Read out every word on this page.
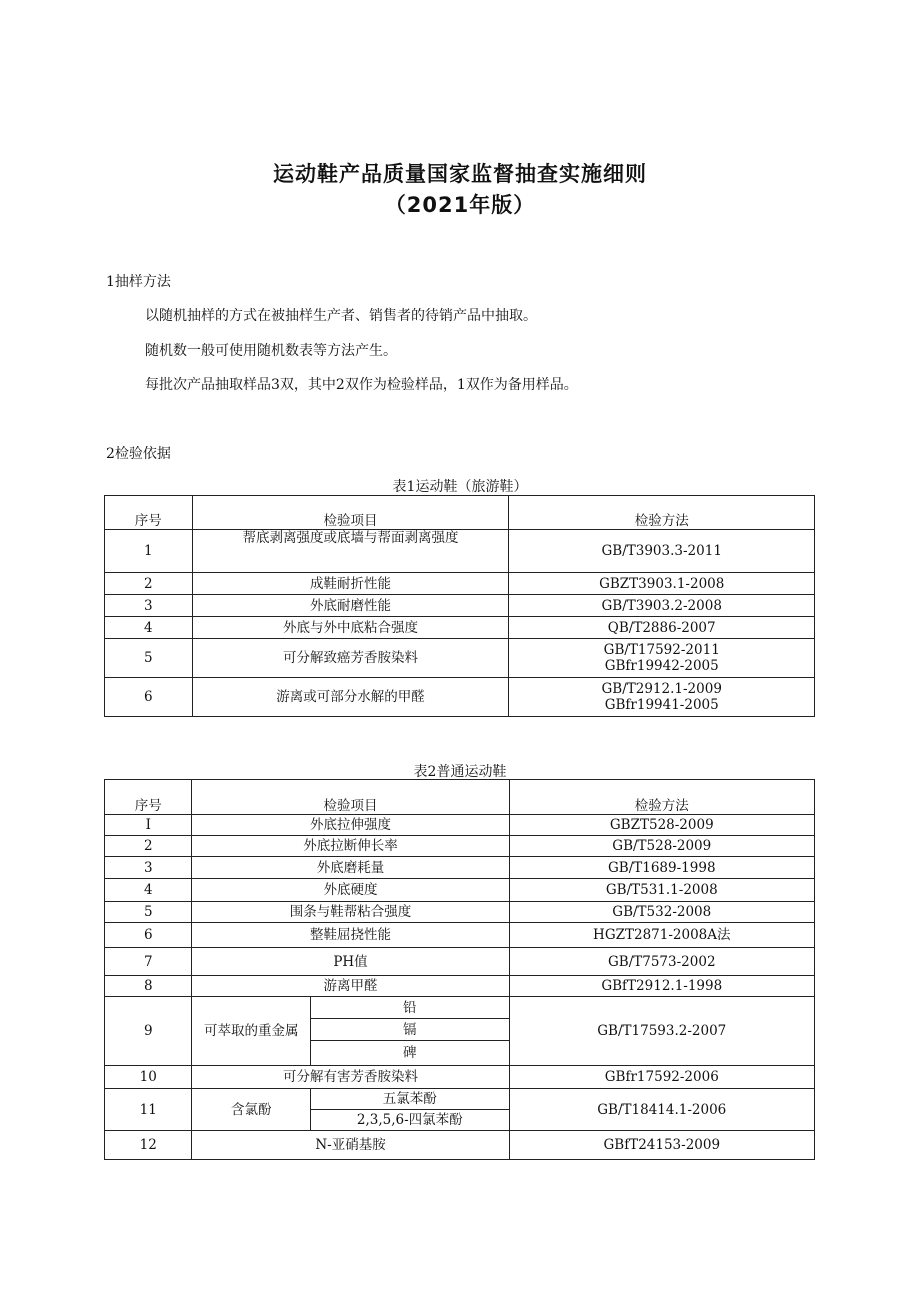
运动鞋产品质量国家监督抽查实施细则
（2021年版）
1抽样方法
以随机抽样的方式在被抽样生产者、销售者的待销产品中抽取。
随机数一般可使用随机数表等方法产生。
每批次产品抽取样品3双，其中2双作为检验样品，1双作为备用样品。
2检验依据
表1运动鞋（旅游鞋）
序号	检验项目	检验方法
1	帮底剥离强度或底墙与帮面剥离强度	GB/T3903.3-2011
2	成鞋耐折性能	GBZT3903.1-2008
3	外底耐磨性能	GB/T3903.2-2008
4	外底与外中底粘合强度	QB/T2886-2007
5	可分解致癌芳香胺染料	GB/T17592-2011
GBfr19942-2005

6	游离或可部分水解的甲醛	GB/T2912.1-2009
GBfr19941-2005
表2普通运动鞋
序号	检验项目		检验方法
I	外底拉伸强度		GBZT528-2009
2	外底拉断伸长率		GB/T528-2009
3	外底磨耗量		GB/T1689-1998
4	外底硬度		GB/T531.1-2008
5	围条与鞋帮粘合强度		GB/T532-2008
6	整鞋屈挠性能		HGZT2871-2008A法
7	PH值		GB/T7573-2002
8	游离甲醛		GBfT2912.1-1998
9	可萃取的重金属	铅	GB/T17593.2-2007
		镉	
		碑	
10	可分解有害芳香胺染料		GBfr17592-2006
11	含氯酚	五氯苯酚	GB/T18414.1-2006
		2,3,5,6-四氯苯酚	
12	N-亚硝基胺		GBfT24153-2009
